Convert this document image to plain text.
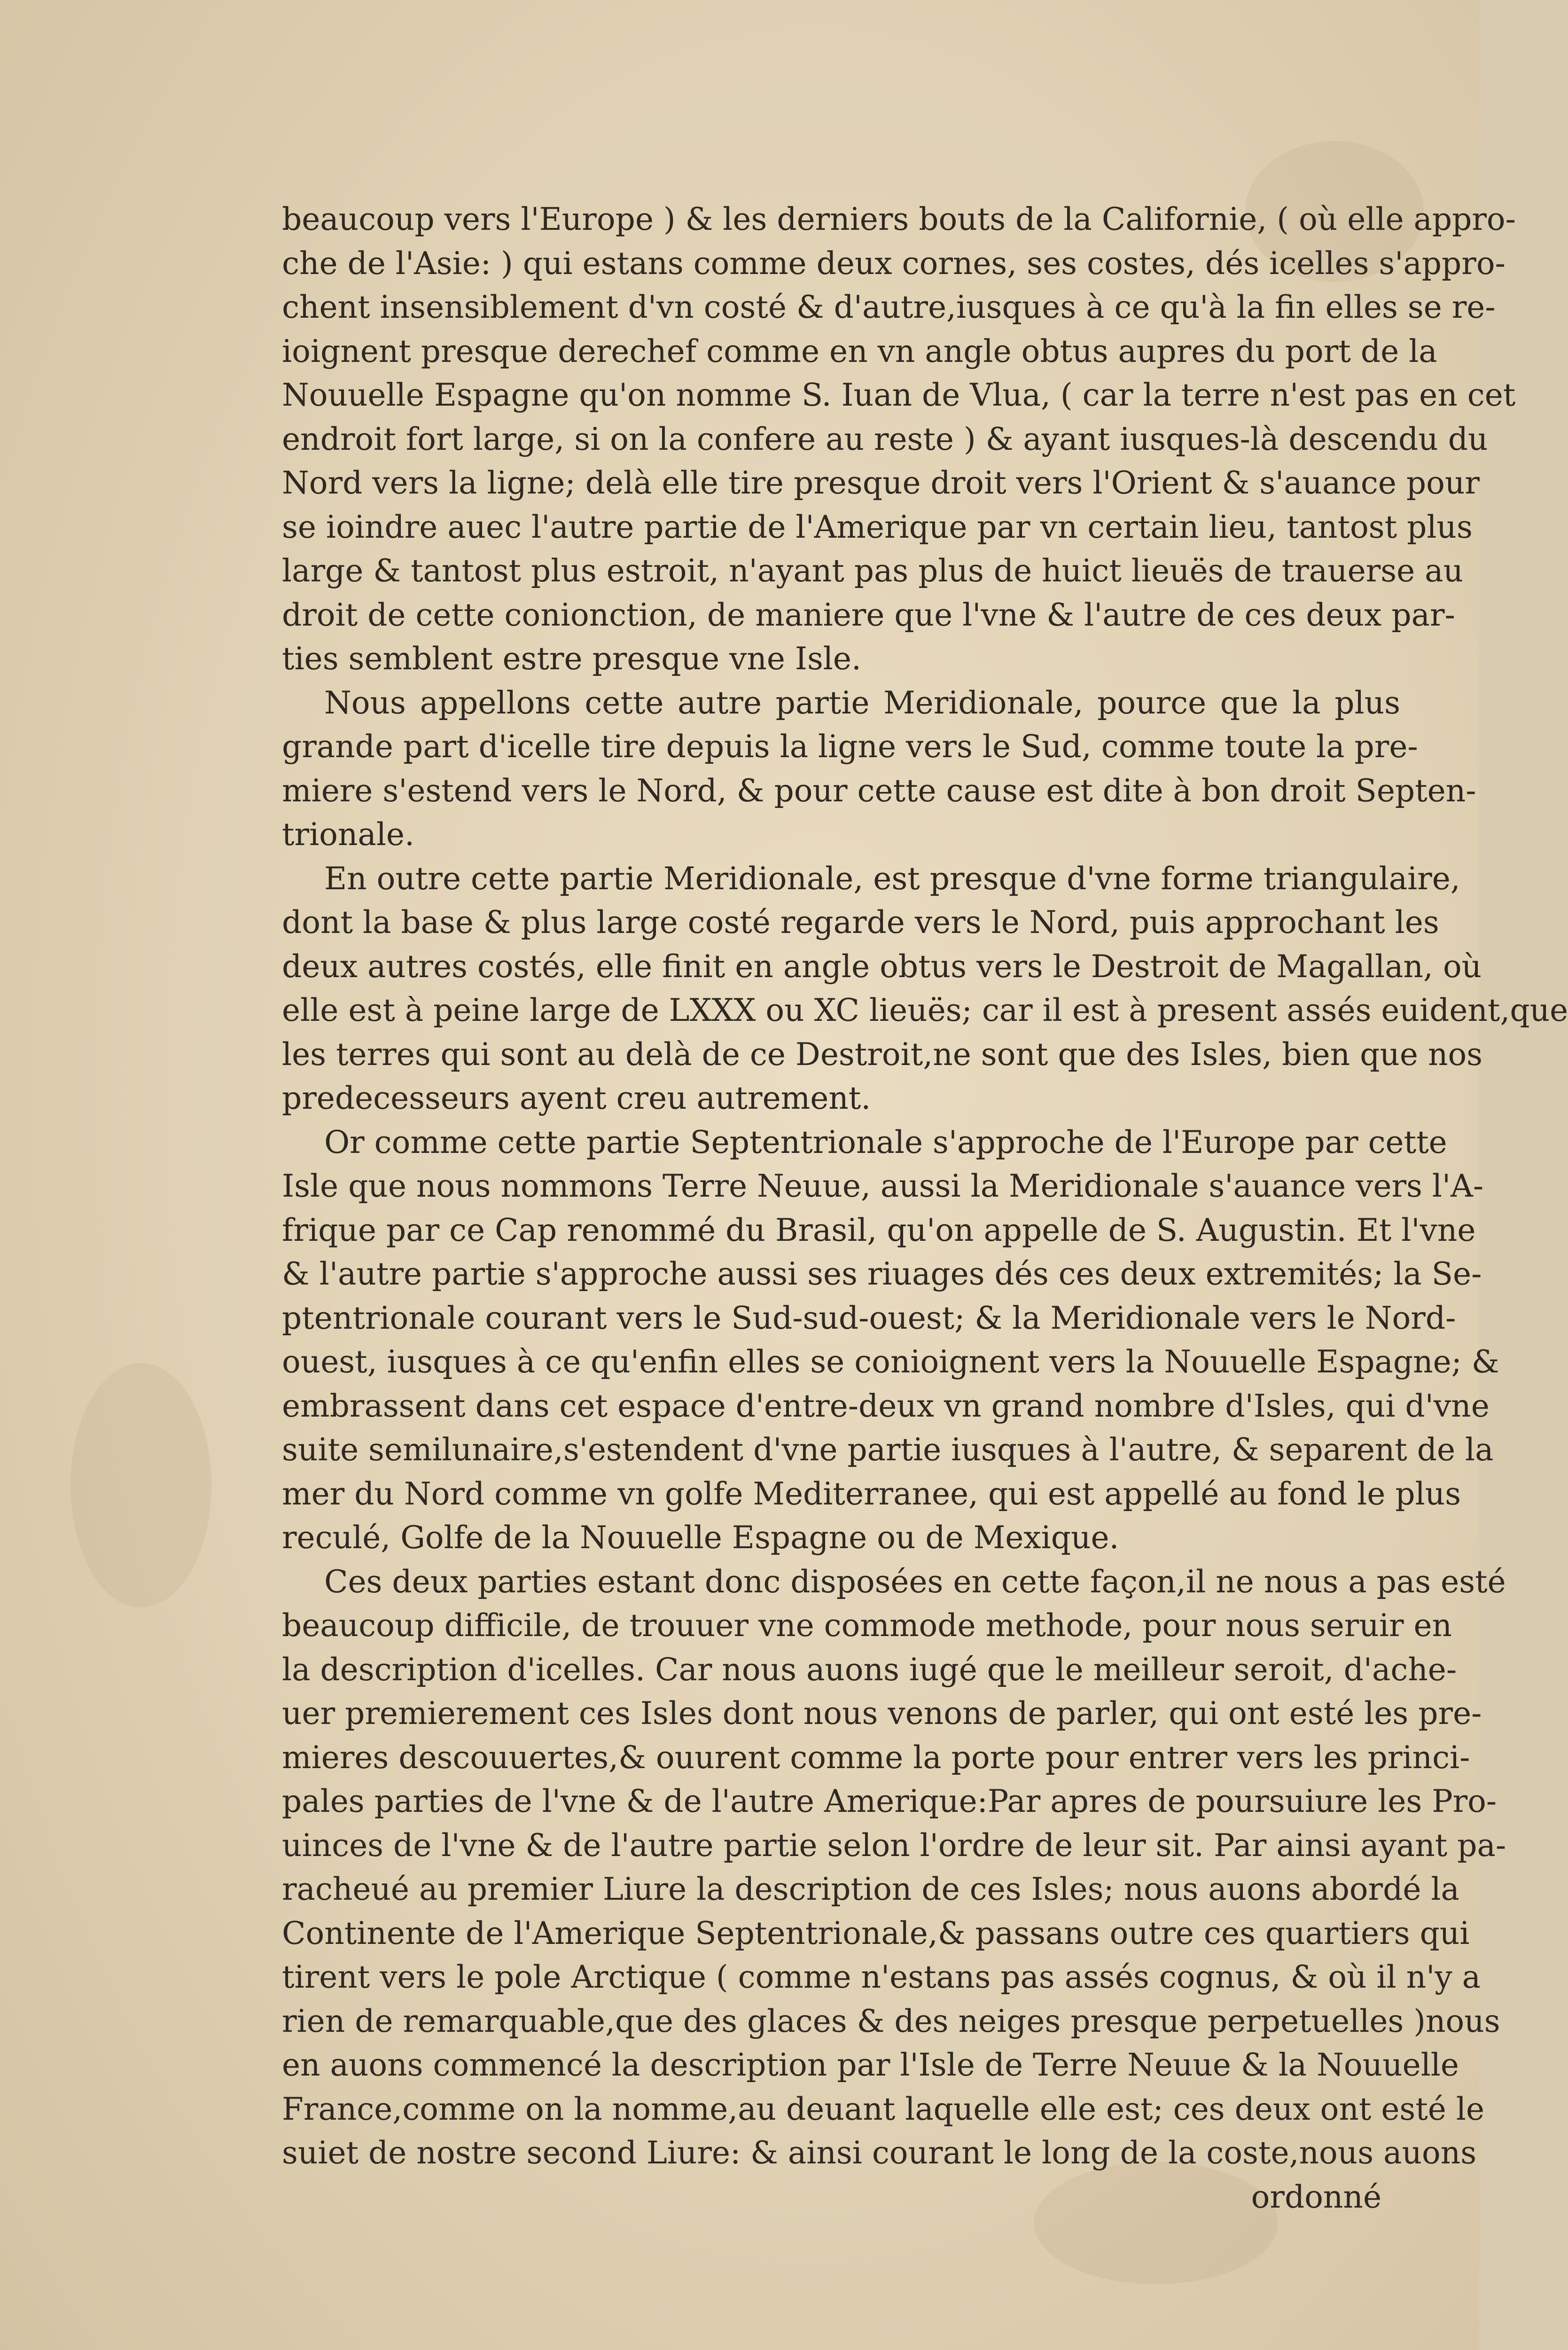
beaucoup vers l'Europe ) & les derniers bouts de la Californie, ( où elle appro-
che de l'Asie: ) qui estans comme deux cornes, ses costes, dés icelles s'appro-
chent insensiblement d'vn costé & d'autre,iusques à ce qu'à la fin elles se re-
ioignent presque derechef comme en vn angle obtus aupres du port de la
Nouuelle Espagne qu'on nomme S. Iuan de Vlua, ( car la terre n'est pas en cet
endroit fort large, si on la confere au reste ) & ayant iusques-là descendu du
Nord vers la ligne; delà elle tire presque droit vers l'Orient & s'auance pour
se ioindre auec l'autre partie de l'Amerique par vn certain lieu, tantost plus
large & tantost plus estroit, n'ayant pas plus de huict lieuës de trauerse au
droit de cette conionction, de maniere que l'vne & l'autre de ces deux par-
ties semblent estre presque vne Isle.
Nous appellons cette autre partie Meridionale, pource que la plus
grande part d'icelle tire depuis la ligne vers le Sud, comme toute la pre-
miere s'estend vers le Nord, & pour cette cause est dite à bon droit Septen-
trionale.
En outre cette partie Meridionale, est presque d'vne forme triangulaire,
dont la base & plus large costé regarde vers le Nord, puis approchant les
deux autres costés, elle finit en angle obtus vers le Destroit de Magallan, où
elle est à peine large de LXXX ou XC lieuës; car il est à present assés euident,que
les terres qui sont au delà de ce Destroit,ne sont que des Isles, bien que nos
predecesseurs ayent creu autrement.
Or comme cette partie Septentrionale s'approche de l'Europe par cette
Isle que nous nommons Terre Neuue, aussi la Meridionale s'auance vers l'A-
frique par ce Cap renommé du Brasil, qu'on appelle de S. Augustin. Et l'vne
& l'autre partie s'approche aussi ses riuages dés ces deux extremités; la Se-
ptentrionale courant vers le Sud-sud-ouest; & la Meridionale vers le Nord-
ouest, iusques à ce qu'enfin elles se conioignent vers la Nouuelle Espagne; &
embrassent dans cet espace d'entre-deux vn grand nombre d'Isles, qui d'vne
suite semilunaire,s'estendent d'vne partie iusques à l'autre, & separent de la
mer du Nord comme vn golfe Mediterranee, qui est appellé au fond le plus
reculé, Golfe de la Nouuelle Espagne ou de Mexique.
Ces deux parties estant donc disposées en cette façon,il ne nous a pas esté
beaucoup difficile, de trouuer vne commode methode, pour nous seruir en
la description d'icelles. Car nous auons iugé que le meilleur seroit, d'ache-
uer premierement ces Isles dont nous venons de parler, qui ont esté les pre-
mieres descouuertes,& ouurent comme la porte pour entrer vers les princi-
pales parties de l'vne & de l'autre Amerique:Par apres de poursuiure les Pro-
uinces de l'vne & de l'autre partie selon l'ordre de leur sit. Par ainsi ayant pa-
racheué au premier Liure la description de ces Isles; nous auons abordé la
Continente de l'Amerique Septentrionale,& passans outre ces quartiers qui
tirent vers le pole Arctique ( comme n'estans pas assés cognus, & où il n'y a
rien de remarquable,que des glaces & des neiges presque perpetuelles )nous
en auons commencé la description par l'Isle de Terre Neuue & la Nouuelle
France,comme on la nomme,au deuant laquelle elle est; ces deux ont esté le
suiet de nostre second Liure: & ainsi courant le long de la coste,nous auons
ordonné
